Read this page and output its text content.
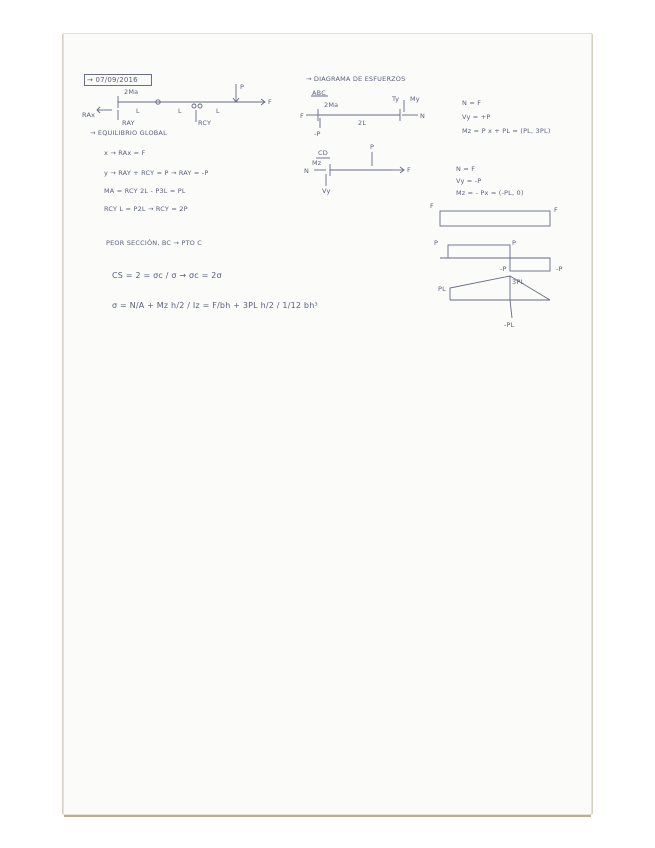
→ 07/09/2016

2Ma

RAx	L	L	L

RAY	RCY

P

F

→ EQUILIBRIO GLOBAL

x → RAx = F

y → RAY + RCY = P → RAY = -P

MA = RCY 2L - P3L = PL

RCY L = P2L → RCY = 2P

PEOR SECCIÓN, BC → PTO C

CS = 2 = σc / σ → σc = 2σ

σ = N/A + Mz h/2 / Iz = F/bh + 3PL h/2 / 1/12 bh³

→ DIAGRAMA DE ESFUERZOS

ABC

2Ma

Ty My

N

F

-P

2L

CD

Mz

N

Vy

P

F

N = F

Vy = +P

Mz = P x + PL = (PL, 3PL)

N = F

Vy = -P

Mz = - Px = (-PL, 0)

F	F

P	P

-P	-P

PL

3PL

-PL
